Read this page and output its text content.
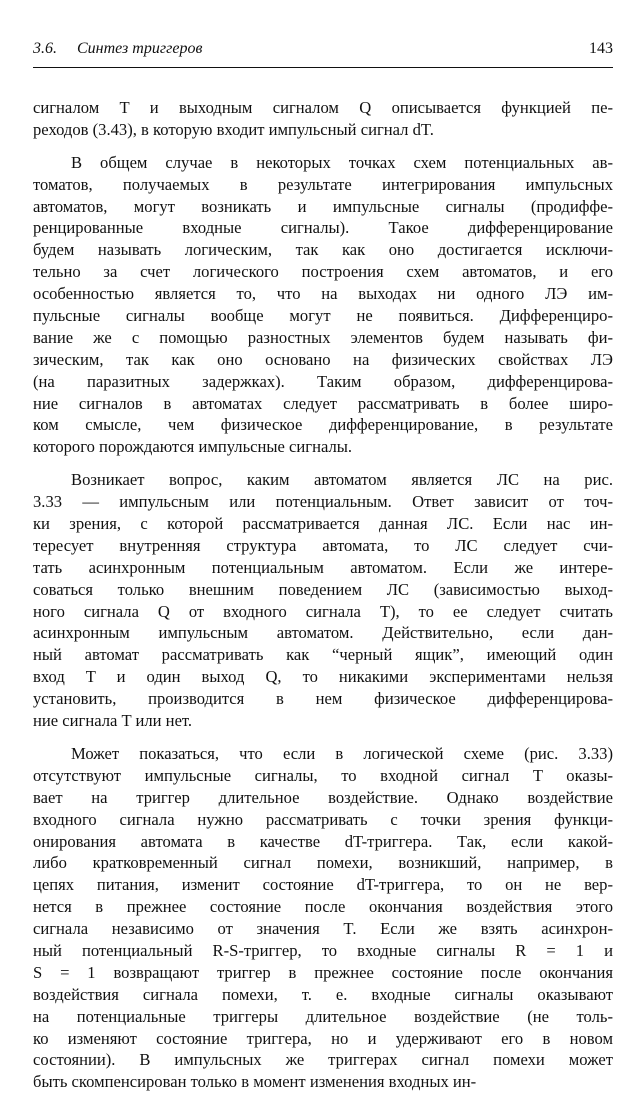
3.6. Синтез триггеров	143
сигналом T и выходным сигналом Q описывается функцией пе-
реходов (3.43), в которую входит импульсный сигнал dT.
В общем случае в некоторых точках схем потенциальных ав-
томатов, получаемых в результате интегрирования импульсных
автоматов, могут возникать и импульсные сигналы (продиффе-
ренцированные входные сигналы). Такое дифференцирование
будем называть логическим, так как оно достигается исключи-
тельно за счет логического построения схем автоматов, и его
особенностью является то, что на выходах ни одного ЛЭ им-
пульсные сигналы вообще могут не появиться. Дифференциро-
вание же с помощью разностных элементов будем называть фи-
зическим, так как оно основано на физических свойствах ЛЭ
(на паразитных задержках). Таким образом, дифференцирова-
ние сигналов в автоматах следует рассматривать в более широ-
ком смысле, чем физическое дифференцирование, в результате
которого порождаются импульсные сигналы.
Возникает вопрос, каким автоматом является ЛС на рис.
3.33 — импульсным или потенциальным. Ответ зависит от точ-
ки зрения, с которой рассматривается данная ЛС. Если нас ин-
тересует внутренняя структура автомата, то ЛС следует счи-
тать асинхронным потенциальным автоматом. Если же интере-
соваться только внешним поведением ЛС (зависимостью выход-
ного сигнала Q от входного сигнала T), то ее следует считать
асинхронным импульсным автоматом. Действительно, если дан-
ный автомат рассматривать как “черный ящик”, имеющий один
вход T и один выход Q, то никакими экспериментами нельзя
установить, производится в нем физическое дифференцирова-
ние сигнала T или нет.
Может показаться, что если в логической схеме (рис. 3.33)
отсутствуют импульсные сигналы, то входной сигнал T оказы-
вает на триггер длительное воздействие. Однако воздействие
входного сигнала нужно рассматривать с точки зрения функци-
онирования автомата в качестве dT-триггера. Так, если какой-
либо кратковременный сигнал помехи, возникший, например, в
цепях питания, изменит состояние dT-триггера, то он не вер-
нется в прежнее состояние после окончания воздействия этого
сигнала независимо от значения T. Если же взять асинхрон-
ный потенциальный R-S-триггер, то входные сигналы R = 1 и
S = 1 возвращают триггер в прежнее состояние после окончания
воздействия сигнала помехи, т. е. входные сигналы оказывают
на потенциальные триггеры длительное воздействие (не толь-
ко изменяют состояние триггера, но и удерживают его в новом
состоянии). В импульсных же триггерах сигнал помехи может
быть скомпенсирован только в момент изменения входных ин-
